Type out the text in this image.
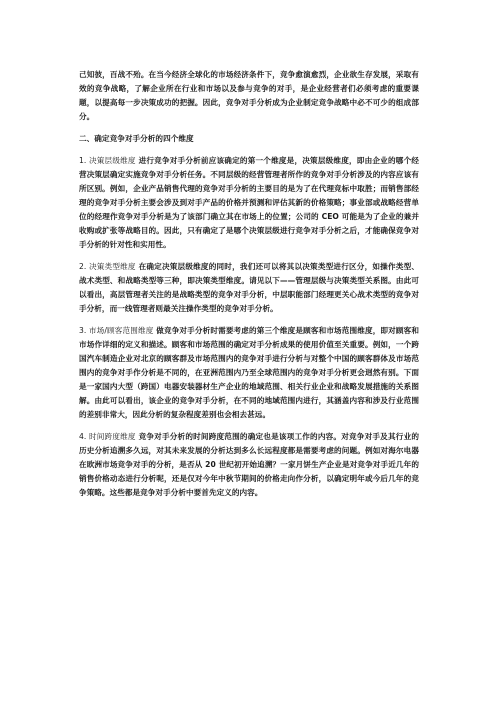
己知彼，百战不殆。在当今经济全球化的市场经济条件下，竞争愈演愈烈，企业欲生存发展，采取有效的竞争战略，了解企业所在行业和市场以及参与竞争的对手，是企业经营者们必须考虑的重要课题，以提高每一步决策成功的把握。因此，竞争对手分析成为企业制定竞争战略中必不可少的组成部分。

二、确定竞争对手分析的四个维度

1. 决策层级维度 进行竞争对手分析前应该确定的第一个维度是，决策层级维度，即由企业的哪个经营决策层确定实施竞争对手分析任务。不同层级的经营管理者所作的竞争对手分析涉及的内容应该有所区别。例如，企业产品销售代理的竞争对手分析的主要目的是为了在代理竞标中取胜；而销售部经理的竞争对手分析主要会涉及到对手产品的价格并预测和评估其新的价格策略；事业部或战略经营单位的经理作竞争对手分析是为了该部门确立其在市场上的位置；公司的 CEO 可能是为了企业的兼并收购或扩张等战略目的。因此，只有确定了是哪个决策层级进行竞争对手分析之后，才能确保竞争对手分析的针对性和实用性。

2. 决策类型维度 在确定决策层级维度的同时，我们还可以将其以决策类型进行区分，如操作类型、战术类型、和战略类型等三种，即决策类型维度。请见以下——管理层级与决策类型关系图。由此可以看出，高层管理者关注的是战略类型的竞争对手分析，中层职能部门经理更关心战术类型的竞争对手分析，而一线管理者则最关注操作类型的竞争对手分析。

3. 市场/顾客范围维度 做竞争对手分析时需要考虑的第三个维度是顾客和市场范围维度，即对顾客和市场作详细的定义和描述。顾客和市场范围的确定对手分析成果的使用价值至关重要。例如，一个跨国汽车制造企业对北京的顾客群及市场范围内的竞争对手进行分析与对整个中国的顾客群体及市场范围内的竞争对手作分析是不同的，在亚洲范围内乃至全球范围内的竞争对手分析更会迥然有别。下面是一家国内大型（跨国）电器安装器材生产企业的地域范围、相关行业企业和战略发展措施的关系图解。由此可以看出，该企业的竞争对手分析，在不同的地域范围内进行，其涵盖内容和涉及行业范围的差别非常大，因此分析的复杂程度差别也会相去甚远。

4. 时间跨度维度 竞争对手分析的时间跨度范围的确定也是该项工作的内容。对竞争对手及其行业的历史分析追溯多久远，对其未来发展的分析达到多么长远程度都是需要考虑的问题。例如对海尔电器在欧洲市场竞争对手的分析，是否从 20 世纪初开始追溯？一家月饼生产企业是对竞争对手近几年的销售价格动态进行分析呢，还是仅对今年中秋节期间的价格走向作分析，以确定明年或今后几年的竞争策略。这些都是竞争对手分析中要首先定义的内容。
